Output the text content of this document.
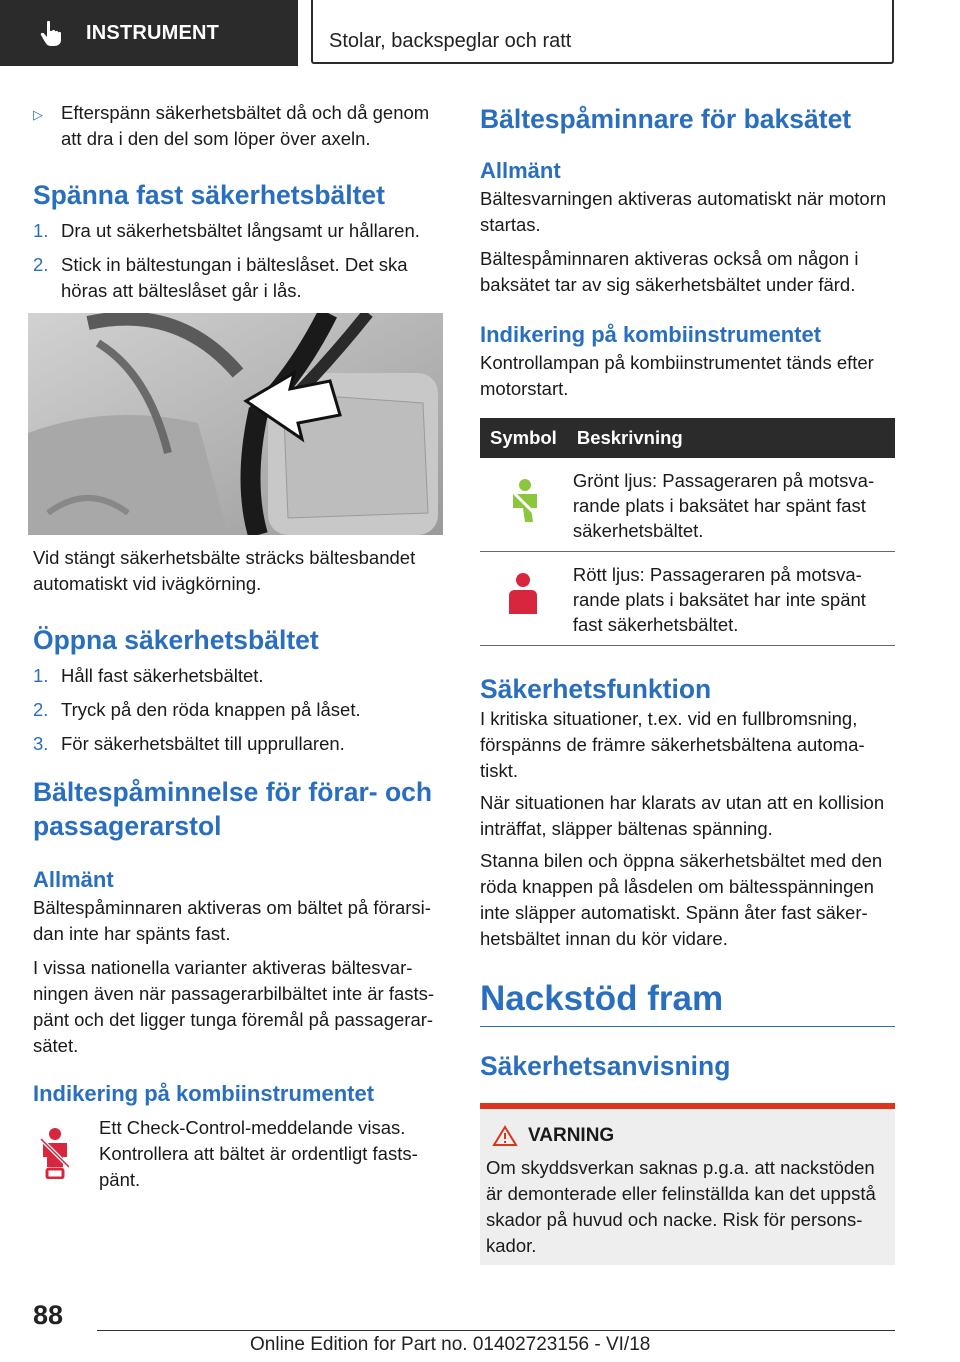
INSTRUMENT	Stolar, backspeglar och ratt
▷ Efterspänn säkerhetsbältet då och då genom att dra i den del som löper över axeln.
Spänna fast säkerhetsbältet
1. Dra ut säkerhetsbältet långsamt ur hållaren.
2. Stick in bältestungan i bälteslåset. Det ska höras att bälteslåset går i lås.

Vid stängt säkerhetsbälte sträcks bältesbandet automatiskt vid ivägkörning.

Öppna säkerhetsbältet
1. Håll fast säkerhetsbältet.
2. Tryck på den röda knappen på låset.
3. För säkerhetsbältet till upprullaren.
Bältespåminnelse för förar- och passagerarstol
Allmänt

Bältespåminnaren aktiveras om bältet på förarsidan inte har spänts fast.

I vissa nationella varianter aktiveras bältesvarningen även när passagerarbilbältet inte är fastspänt och det ligger tunga föremål på passagerarsätet.

Indikering på kombiinstrumentet

Ett Check-Control-meddelande visas. Kontrollera att bältet är ordentligt fastspänt.

Bältespåminnare för baksätet
Allmänt

Bältesvarningen aktiveras automatiskt när motorn startas.

Bältespåminnaren aktiveras också om någon i baksätet tar av sig säkerhetsbältet under färd.

Indikering på kombiinstrumentet

Kontrollampan på kombiinstrumentet tänds efter motorstart.

Symbol	Beskrivning
	Grönt ljus: Passageraren på motsvarande plats i baksätet har spänt fast säkerhetsbältet.
	Rött ljus: Passageraren på motsvarande plats i baksätet har inte spänt fast säkerhetsbältet.
Säkerhetsfunktion

I kritiska situationer, t.ex. vid en fullbromsning, förspänns de främre säkerhetsbältena automatiskt.

När situationen har klarats av utan att en kollision inträffat, släpper bältenas spänning.

Stanna bilen och öppna säkerhetsbältet med den röda knappen på låsdelen om bältesspänningen inte släpper automatiskt. Spänn åter fast säkerhetsbältet innan du kör vidare.

Nackstöd fram
Säkerhetsanvisning
VARNING

Om skyddsverkan saknas p.g.a. att nackstöden är demonterade eller felinställda kan det uppstå skador på huvud och nacke. Risk för personskador.

88
Online Edition for Part no. 01402723156 - VI/18
